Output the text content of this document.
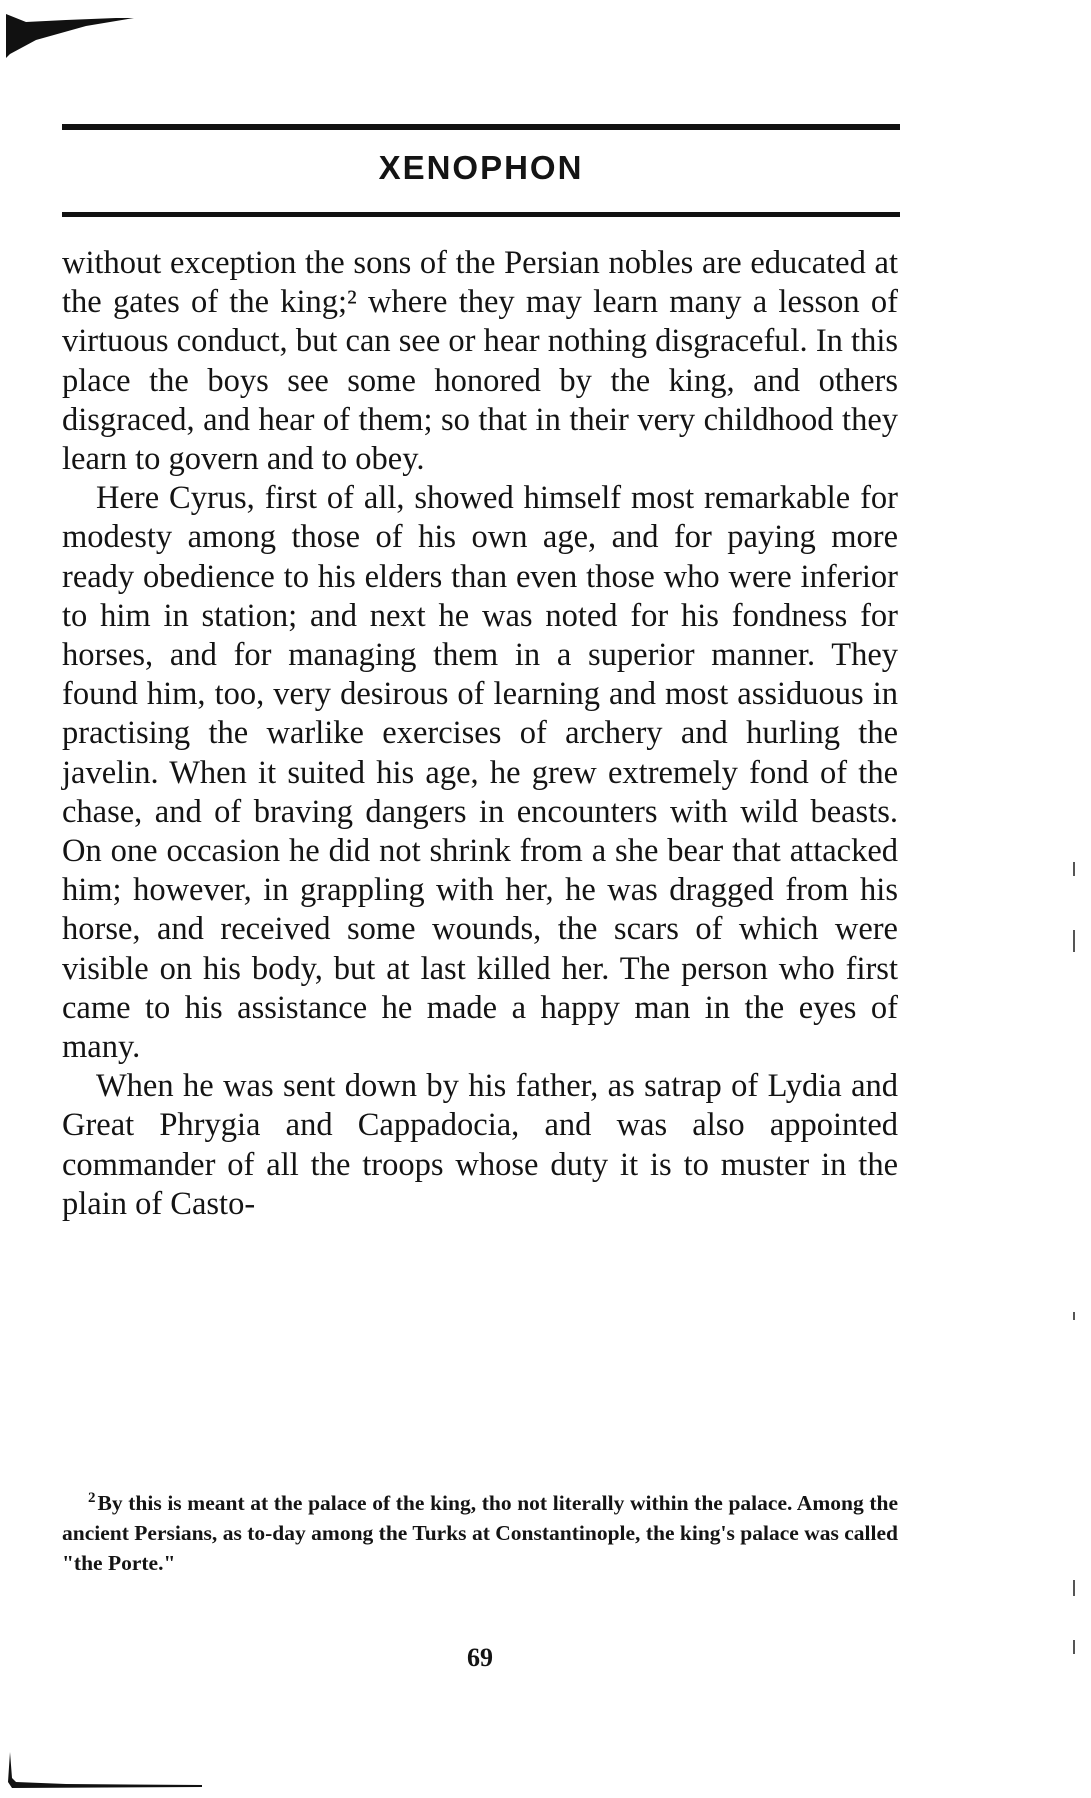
XENOPHON

without exception the sons of the Persian nobles are educated at the gates of the king;² where they may learn many a lesson of virtuous conduct, but can see or hear nothing disgraceful. In this place the boys see some honored by the king, and others disgraced, and hear of them; so that in their very childhood they learn to govern and to obey.

Here Cyrus, first of all, showed himself most remarkable for modesty among those of his own age, and for paying more ready obedience to his elders than even those who were inferior to him in station; and next he was noted for his fondness for horses, and for managing them in a superior manner. They found him, too, very desirous of learning and most assiduous in practising the warlike exercises of archery and hurling the javelin. When it suited his age, he grew extremely fond of the chase, and of braving dangers in encounters with wild beasts. On one occasion he did not shrink from a she bear that attacked him; however, in grappling with her, he was dragged from his horse, and received some wounds, the scars of which were visible on his body, but at last killed her. The person who first came to his assistance he made a happy man in the eyes of many.

When he was sent down by his father, as satrap of Lydia and Great Phrygia and Cappadocia, and was also appointed commander of all the troops whose duty it is to muster in the plain of Casto-

$^2$By this is meant at the palace of the king, tho not literally within the palace. Among the ancient Persians, as to-day among the Turks at Constantinople, the king's palace was called "the Porte."
69
